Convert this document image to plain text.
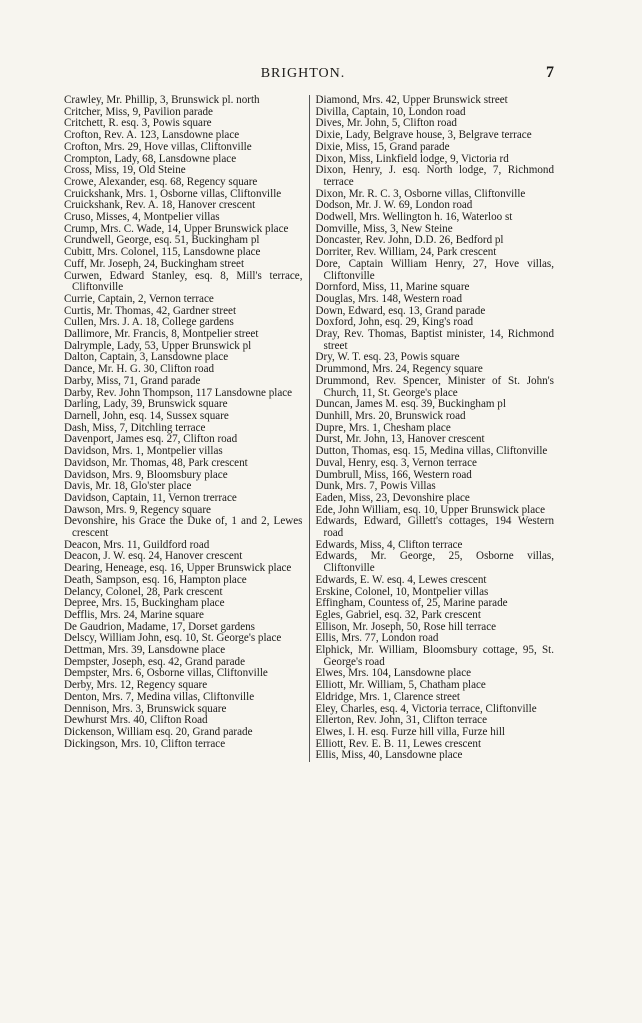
BRIGHTON.	7
Crawley, Mr. Phillip, 3, Brunswick pl. north
Critcher, Miss, 9, Pavilion parade
Critchett, R. esq. 3, Powis square
Crofton, Rev. A. 123, Lansdowne place
Crofton, Mrs. 29, Hove villas, Cliftonville
Crompton, Lady, 68, Lansdowne place
Cross, Miss, 19, Old Steine
Crowe, Alexander, esq. 68, Regency square
Cruickshank, Mrs. 1, Osborne villas, Cliftonville
Cruickshank, Rev. A. 18, Hanover crescent
Cruso, Misses, 4, Montpelier villas
Crump, Mrs. C. Wade, 14, Upper Brunswick place
Crundwell, George, esq. 51, Buckingham pl
Cubitt, Mrs. Colonel, 115, Lansdowne place
Cuff, Mr. Joseph, 24, Buckingham street
Curwen, Edward Stanley, esq. 8, Mill's terrace, Cliftonville
Currie, Captain, 2, Vernon terrace
Curtis, Mr. Thomas, 42, Gardner street
Cullen, Mrs. J. A. 18, College gardens
Dallimore, Mr. Francis, 8, Montpelier street
Dalrymple, Lady, 53, Upper Brunswick pl
Dalton, Captain, 3, Lansdowne place
Dance, Mr. H. G. 30, Clifton road
Darby, Miss, 71, Grand parade
Darby, Rev. John Thompson, 117 Lansdowne place
Darling, Lady, 39, Brunswick square
Darnell, John, esq. 14, Sussex square
Dash, Miss, 7, Ditchling terrace
Davenport, James esq. 27, Clifton road
Davidson, Mrs. 1, Montpelier villas
Davidson, Mr. Thomas, 48, Park crescent
Davidson, Mrs. 9, Bloomsbury place
Davis, Mr. 18, Glo'ster place
Davidson, Captain, 11, Vernon trerrace
Dawson, Mrs. 9, Regency square
Devonshire, his Grace the Duke of, 1 and 2, Lewes crescent
Deacon, Mrs. 11, Guildford road
Deacon, J. W. esq. 24, Hanover crescent
Dearing, Heneage, esq. 16, Upper Brunswick place
Death, Sampson, esq. 16, Hampton place
Delancy, Colonel, 28, Park crescent
Depree, Mrs. 15, Buckingham place
Defflis, Mrs. 24, Marine square
De Gaudrion, Madame, 17, Dorset gardens
Delscy, William John, esq. 10, St. George's place
Dettman, Mrs. 39, Lansdowne place
Dempster, Joseph, esq. 42, Grand parade
Dempster, Mrs. 6, Osborne villas, Cliftonville
Derby, Mrs. 12, Regency square
Denton, Mrs. 7, Medina villas, Cliftonville
Dennison, Mrs. 3, Brunswick square
Dewhurst Mrs. 40, Clifton Road
Dickenson, William esq. 20, Grand parade
Dickingson, Mrs. 10, Clifton terrace
Diamond, Mrs. 42, Upper Brunswick street
Divilla, Captain, 10, London road
Dives, Mr. John, 5, Clifton road
Dixie, Lady, Belgrave house, 3, Belgrave terrace
Dixie, Miss, 15, Grand parade
Dixon, Miss, Linkfield lodge, 9, Victoria rd
Dixon, Henry, J. esq. North lodge, 7, Richmond terrace
Dixon, Mr. R. C. 3, Osborne villas, Cliftonville
Dodson, Mr. J. W. 69, London road
Dodwell, Mrs. Wellington h. 16, Waterloo st
Domville, Miss, 3, New Steine
Doncaster, Rev. John, D.D. 26, Bedford pl
Dorriter, Rev. William, 24, Park crescent
Dore, Captain William Henry, 27, Hove villas, Cliftonville
Dornford, Miss, 11, Marine square
Douglas, Mrs. 148, Western road
Down, Edward, esq. 13, Grand parade
Doxford, John, esq. 29, King's road
Dray, Rev. Thomas, Baptist minister, 14, Richmond street
Dry, W. T. esq. 23, Powis square
Drummond, Mrs. 24, Regency square
Drummond, Rev. Spencer, Minister of St. John's Church, 11, St. George's place
Duncan, James M. esq. 39, Buckingham pl
Dunhill, Mrs. 20, Brunswick road
Dupre, Mrs. 1, Chesham place
Durst, Mr. John, 13, Hanover crescent
Dutton, Thomas, esq. 15, Medina villas, Cliftonville
Duval, Henry, esq. 3, Vernon terrace
Dumbrull, Miss, 166, Western road
Dunk, Mrs. 7, Powis Villas
Eaden, Miss, 23, Devonshire place
Ede, John William, esq. 10, Upper Brunswick place
Edwards, Edward, Gillett's cottages, 194 Western road
Edwards, Miss, 4, Clifton terrace
Edwards, Mr. George, 25, Osborne villas, Cliftonville
Edwards, E. W. esq. 4, Lewes crescent
Erskine, Colonel, 10, Montpelier villas
Effingham, Countess of, 25, Marine parade
Egles, Gabriel, esq. 32, Park crescent
Ellison, Mr. Joseph, 50, Rose hill terrace
Ellis, Mrs. 77, London road
Elphick, Mr. William, Bloomsbury cottage, 95, St. George's road
Elwes, Mrs. 104, Lansdowne place
Elliott, Mr. William, 5, Chatham place
Eldridge, Mrs. 1, Clarence street
Eley, Charles, esq. 4, Victoria terrace, Cliftonville
Ellerton, Rev. John, 31, Clifton terrace
Elwes, I. H. esq. Furze hill villa, Furze hill
Elliott, Rev. E. B. 11, Lewes crescent
Ellis, Miss, 40, Lansdowne place
